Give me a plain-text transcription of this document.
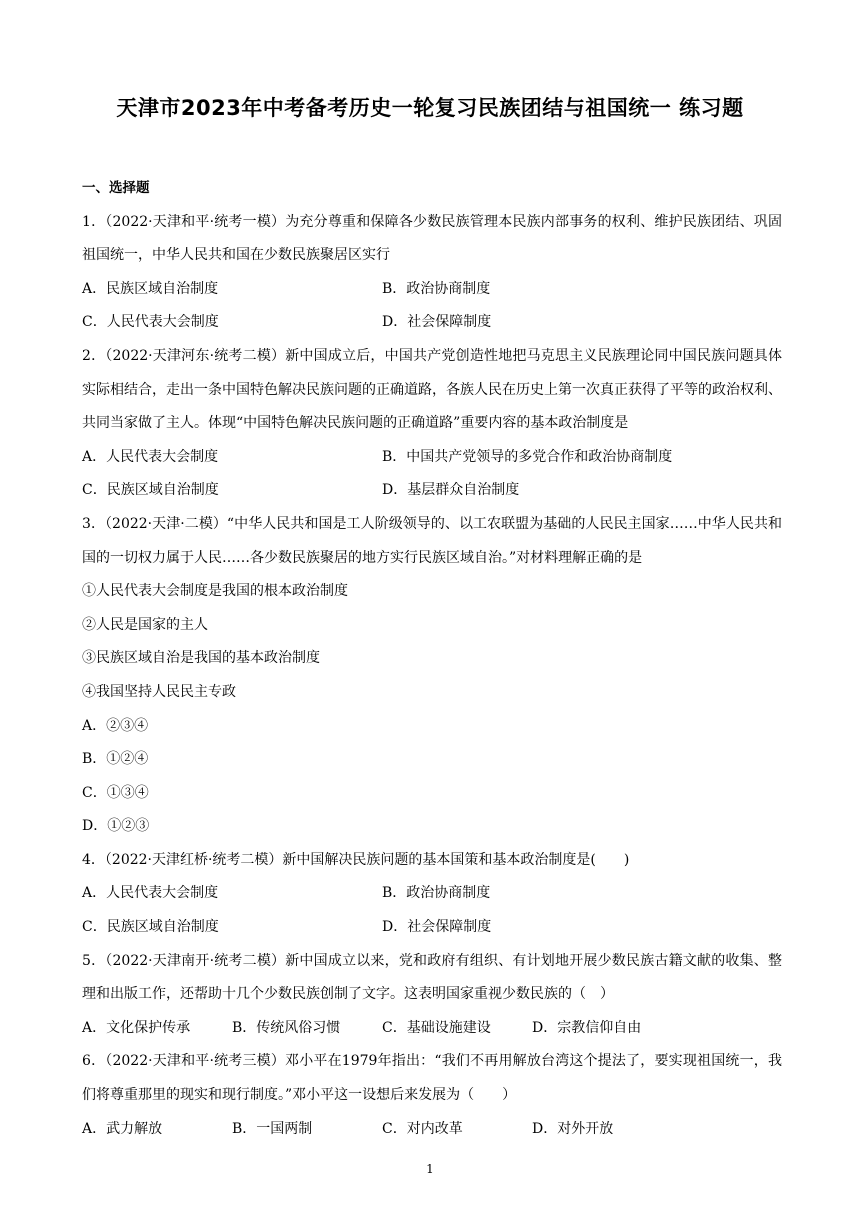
天津市2023年中考备考历史一轮复习民族团结与祖国统一 练习题
一、选择题
1．（2022·天津和平·统考一模）为充分尊重和保障各少数民族管理本民族内部事务的权利、维护民族团结、巩固祖国统一，中华人民共和国在少数民族聚居区实行
A．民族区域自治制度	B．政治协商制度
C．人民代表大会制度	D．社会保障制度
2．（2022·天津河东·统考二模）新中国成立后，中国共产党创造性地把马克思主义民族理论同中国民族问题具体实际相结合，走出一条中国特色解决民族问题的正确道路，各族人民在历史上第一次真正获得了平等的政治权利、共同当家做了主人。体现“中国特色解决民族问题的正确道路”重要内容的基本政治制度是
A．人民代表大会制度	B．中国共产党领导的多党合作和政治协商制度
C．民族区域自治制度	D．基层群众自治制度
3．（2022·天津·二模）“中华人民共和国是工人阶级领导的、以工农联盟为基础的人民民主国家……中华人民共和国的一切权力属于人民……各少数民族聚居的地方实行民族区域自治。”对材料理解正确的是
①人民代表大会制度是我国的根本政治制度
②人民是国家的主人
③民族区域自治是我国的基本政治制度
④我国坚持人民民主专政
A．②③④
B．①②④
C．①③④
D．①②③
4．（2022·天津红桥·统考二模）新中国解决民族问题的基本国策和基本政治制度是(　　)
A．人民代表大会制度	B．政治协商制度
C．民族区域自治制度	D．社会保障制度
5．（2022·天津南开·统考二模）新中国成立以来，党和政府有组织、有计划地开展少数民族古籍文献的收集、整理和出版工作，还帮助十几个少数民族创制了文字。这表明国家重视少数民族的（　）
A．文化保护传承	B．传统风俗习惯	C．基础设施建设	D．宗教信仰自由
6．（2022·天津和平·统考三模）邓小平在1979年指出：“我们不再用解放台湾这个提法了，要实现祖国统一，我们将尊重那里的现实和现行制度。”邓小平这一设想后来发展为（　　）
A．武力解放	B．一国两制	C．对内改革	D．对外开放
1
